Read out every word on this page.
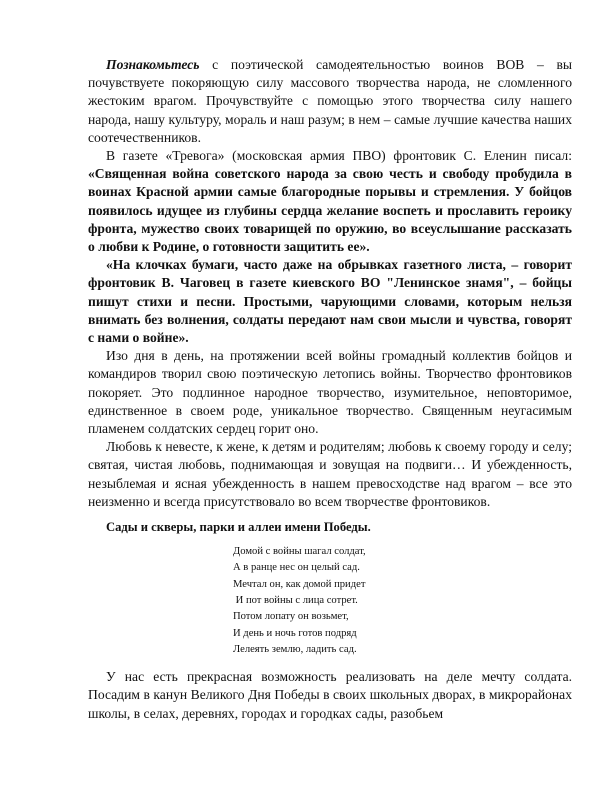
Познакомьтесь с поэтической самодеятельностью воинов ВОВ – вы почувствуете покоряющую силу массового творчества народа, не сломленного жестоким врагом. Прочувствуйте с помощью этого творчества силу нашего народа, нашу культуру, мораль и наш разум; в нем – самые лучшие качества наших соотечественников.

В газете «Тревога» (московская армия ПВО) фронтовик С. Еленин писал: «Священная война советского народа за свою честь и свободу пробудила в воинах Красной армии самые благородные порывы и стремления. У бойцов появилось идущее из глубины сердца желание воспеть и прославить героику фронта, мужество своих товарищей по оружию, во всеуслышание рассказать о любви к Родине, о готовности защитить ее».

«На клочках бумаги, часто даже на обрывках газетного листа, – говорит фронтовик В. Чаговец в газете киевского ВО "Ленинское знамя", – бойцы пишут стихи и песни. Простыми, чарующими словами, которым нельзя внимать без волнения, солдаты передают нам свои мысли и чувства, говорят с нами о войне».

Изо дня в день, на протяжении всей войны громадный коллектив бойцов и командиров творил свою поэтическую летопись войны. Творчество фронтовиков покоряет. Это подлинное народное творчество, изумительное, неповторимое, единственное в своем роде, уникальное творчество. Священным неугасимым пламенем солдатских сердец горит оно.

Любовь к невесте, к жене, к детям и родителям; любовь к своему городу и селу; святая, чистая любовь, поднимающая и зовущая на подвиги… И убежденность, незыблемая и ясная убежденность в нашем превосходстве над врагом – все это неизменно и всегда присутствовало во всем творчестве фронтовиков.

Сады и скверы, парки и аллеи имени Победы.
Домой с войны шагал солдат,
А в ранце нес он целый сад.
Мечтал он, как домой придет
И пот войны с лица сотрет.
Потом лопату он возьмет,
И день и ночь готов подряд
Лелеять землю, ладить сад.

У нас есть прекрасная возможность реализовать на деле мечту солдата. Посадим в канун Великого Дня Победы в своих школьных дворах, в микрорайонах школы, в селах, деревнях, городах и городках сады, разобьем
